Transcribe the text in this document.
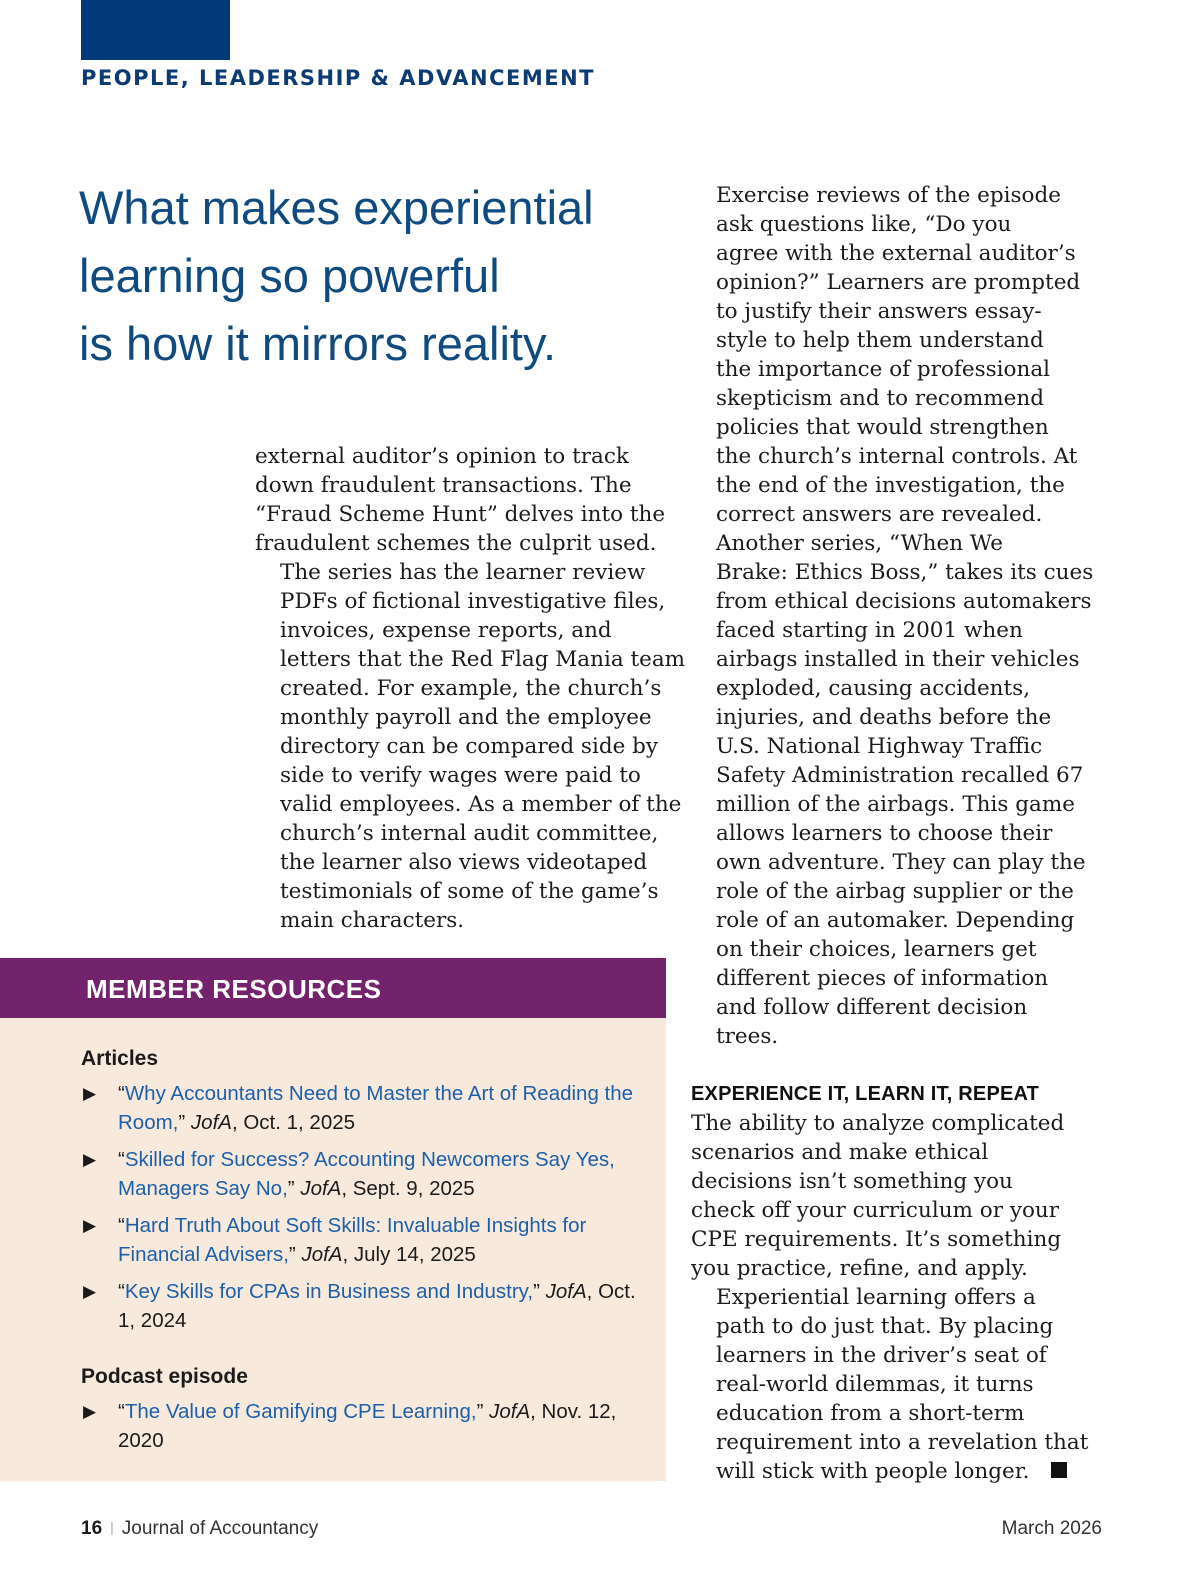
PEOPLE, LEADERSHIP & ADVANCEMENT
What makes experiential
learning so powerful
is how it mirrors reality.

external auditor’s opinion to track
down fraudulent transactions. The
“Fraud Scheme Hunt” delves into the
fraudulent schemes the culprit used.

The series has the learner review
PDFs of fictional investigative files,
invoices, expense reports, and
letters that the Red Flag Mania team
created. For example, the church’s
monthly payroll and the employee
directory can be compared side by
side to verify wages were paid to
valid employees. As a member of the
church’s internal audit committee,
the learner also views videotaped
testimonials of some of the game’s
main characters.

Exercise reviews of the episode
ask questions like, “Do you
agree with the external auditor’s
opinion?” Learners are prompted
to justify their answers essay-
style to help them understand
the importance of professional
skepticism and to recommend
policies that would strengthen
the church’s internal controls. At
the end of the investigation, the
correct answers are revealed.

Another series, “When We
Brake: Ethics Boss,” takes its cues
from ethical decisions automakers
faced starting in 2001 when
airbags installed in their vehicles
exploded, causing accidents,
injuries, and deaths before the
U.S. National Highway Traffic
Safety Administration recalled 67
million of the airbags. This game
allows learners to choose their
own adventure. They can play the
role of the airbag supplier or the
role of an automaker. Depending
on their choices, learners get
different pieces of information
and follow different decision
trees.

EXPERIENCE IT, LEARN IT, REPEAT

The ability to analyze complicated
scenarios and make ethical
decisions isn’t something you
check off your curriculum or your
CPE requirements. It’s something
you practice, refine, and apply.

Experiential learning offers a
path to do just that. By placing
learners in the driver’s seat of
real-world dilemmas, it turns
education from a short-term
requirement into a revelation that
will stick with people longer.

MEMBER RESOURCES
Articles
▶ “Why Accountants Need to Master the Art of Reading the Room,” JofA, Oct. 1, 2025
▶ “Skilled for Success? Accounting Newcomers Say Yes, Managers Say No,” JofA, Sept. 9, 2025
▶ “Hard Truth About Soft Skills: Invaluable Insights for Financial Advisers,” JofA, July 14, 2025
▶ “Key Skills for CPAs in Business and Industry,” JofA, Oct. 1, 2024
Podcast episode
▶ “The Value of Gamifying CPE Learning,” JofA, Nov. 12, 2020
16 | Journal of Accountancy	March 2026
